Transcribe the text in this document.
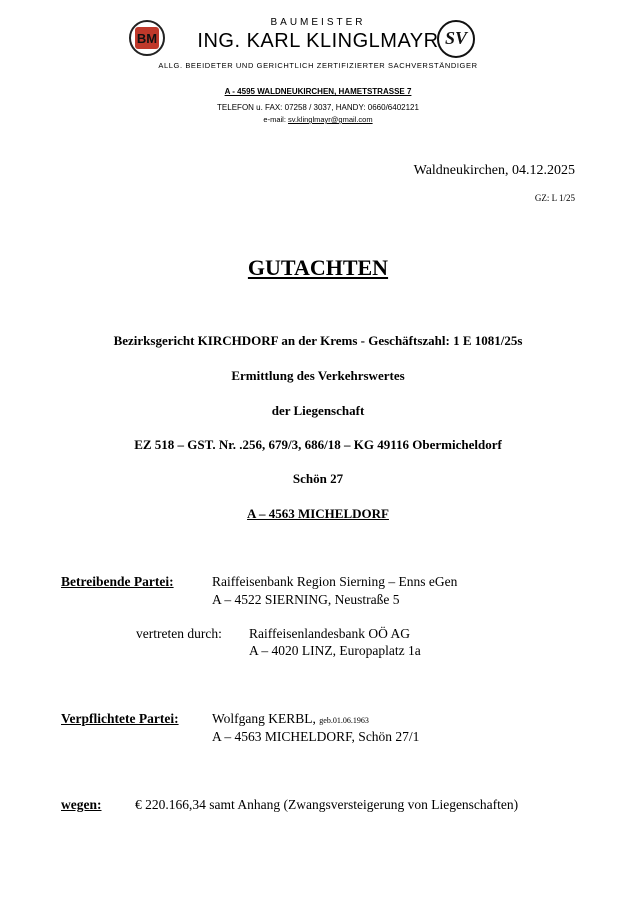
BM	SV
BAUMEISTER
ING. KARL KLINGLMAYR
ALLG. BEEIDETER UND GERICHTLICH ZERTIFIZIERTER SACHVERSTÄNDIGER
A - 4595 WALDNEUKIRCHEN, HAMETSTRASSE 7
TELEFON u. FAX: 07258 / 3037, HANDY: 0660/6402121
e-mail: sv.klinglmayr@gmail.com
Waldneukirchen, 04.12.2025
GZ: L 1/25
GUTACHTEN
Bezirksgericht KIRCHDORF an der Krems - Geschäftszahl: 1 E 1081/25s
Ermittlung des Verkehrswertes
der Liegenschaft
EZ 518 – GST. Nr. .256, 679/3, 686/18 – KG 49116 Obermicheldorf
Schön 27
A – 4563 MICHELDORF
Betreibende Partei:	Raiffeisenbank Region Sierning – Enns eGen
A – 4522 SIERNING, Neustraße 5
vertreten durch: Raiffeisenlandesbank OÖ AG
A – 4020 LINZ, Europaplatz 1a
Verpflichtete Partei: Wolfgang KERBL, geb.01.06.1963
A – 4563 MICHELDORF, Schön 27/1
wegen: € 220.166,34 samt Anhang (Zwangsversteigerung von Liegenschaften)
